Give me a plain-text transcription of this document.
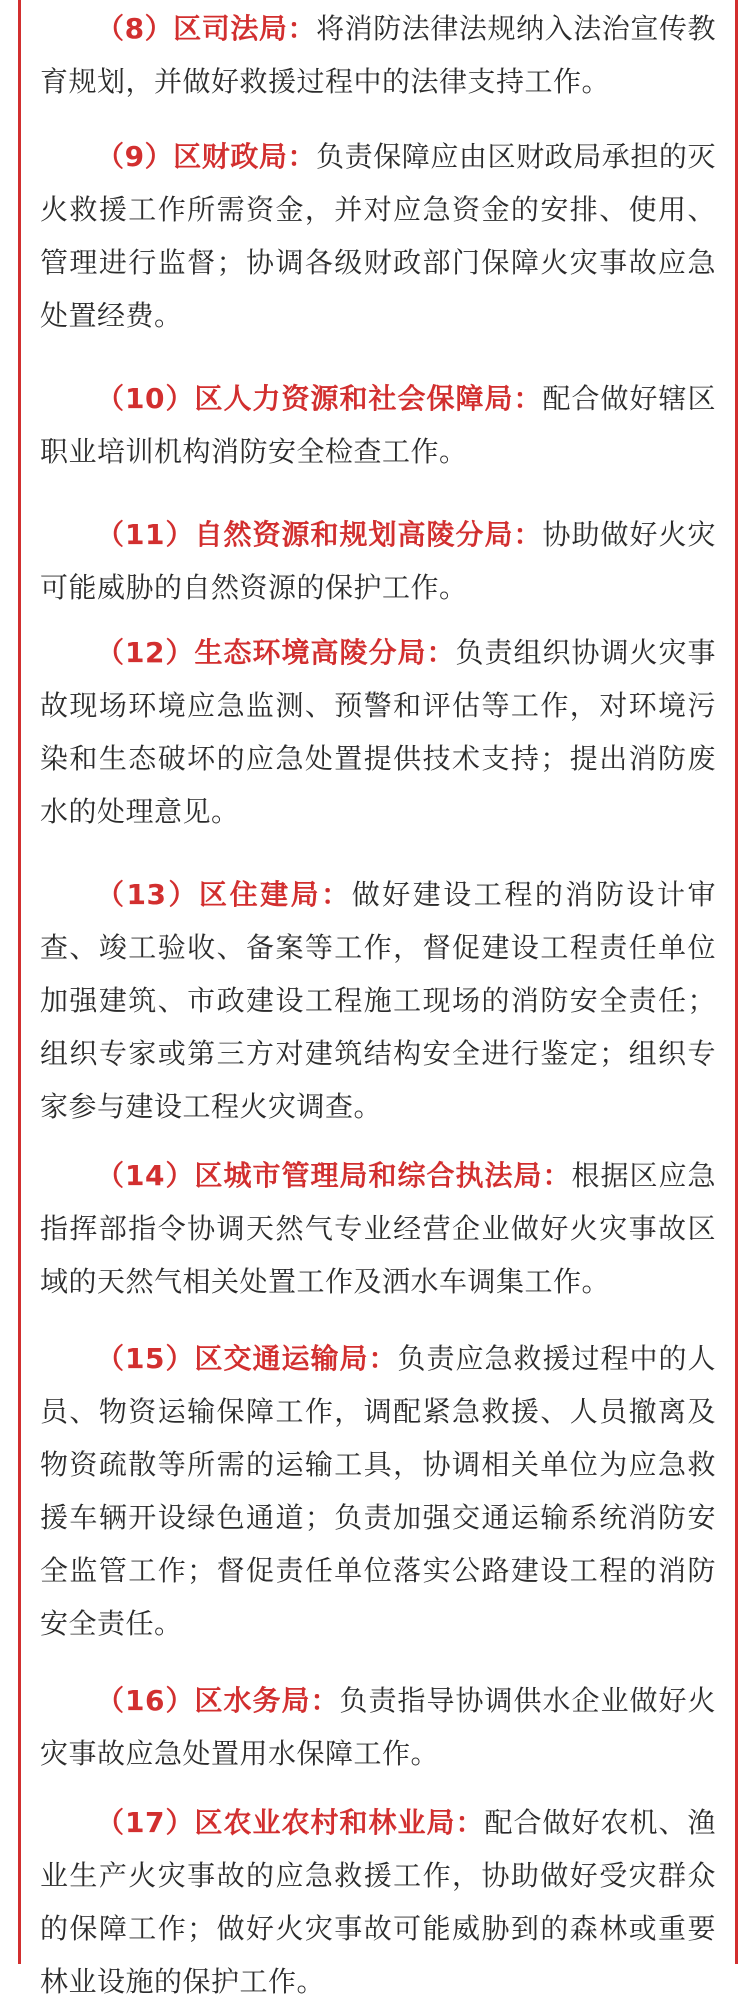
（8）区司法局：将消防法律法规纳入法治宣传教育规划，并做好救援过程中的法律支持工作。

（9）区财政局：负责保障应由区财政局承担的灭火救援工作所需资金，并对应急资金的安排、使用、管理进行监督；协调各级财政部门保障火灾事故应急处置经费。

（10）区人力资源和社会保障局：配合做好辖区职业培训机构消防安全检查工作。

（11）自然资源和规划高陵分局：协助做好火灾可能威胁的自然资源的保护工作。

（12）生态环境高陵分局：负责组织协调火灾事故现场环境应急监测、预警和评估等工作，对环境污染和生态破坏的应急处置提供技术支持；提出消防废水的处理意见。

（13）区住建局：做好建设工程的消防设计审查、竣工验收、备案等工作，督促建设工程责任单位加强建筑、市政建设工程施工现场的消防安全责任；组织专家或第三方对建筑结构安全进行鉴定；组织专家参与建设工程火灾调查。

（14）区城市管理局和综合执法局：根据区应急指挥部指令协调天然气专业经营企业做好火灾事故区域的天然气相关处置工作及洒水车调集工作。

（15）区交通运输局：负责应急救援过程中的人员、物资运输保障工作，调配紧急救援、人员撤离及物资疏散等所需的运输工具，协调相关单位为应急救援车辆开设绿色通道；负责加强交通运输系统消防安全监管工作；督促责任单位落实公路建设工程的消防安全责任。

（16）区水务局：负责指导协调供水企业做好火灾事故应急处置用水保障工作。

（17）区农业农村和林业局：配合做好农机、渔业生产火灾事故的应急救援工作，协助做好受灾群众的保障工作；做好火灾事故可能威胁到的森林或重要林业设施的保护工作。
